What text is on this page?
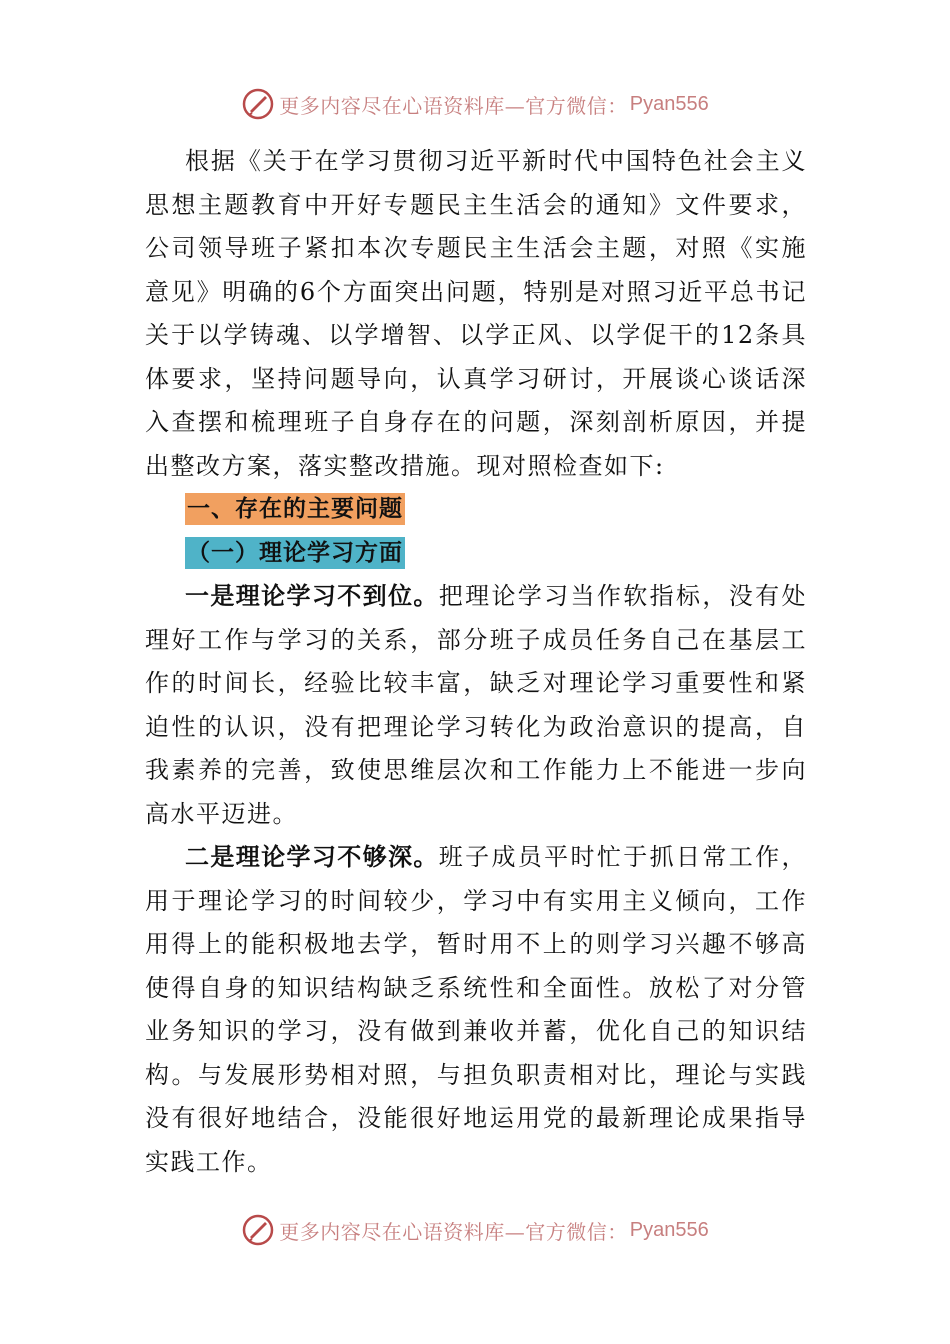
更多内容尽在心语资料库—官方微信： Pyan556

根据《关于在学习贯彻习近平新时代中国特色社会主义思想主题教育中开好专题民主生活会的通知》文件要求，公司领导班子紧扣本次专题民主生活会主题，对照《实施意见》明确的6个方面突出问题，特别是对照习近平总书记关于以学铸魂、以学增智、以学正风、以学促干的12条具体要求，坚持问题导向，认真学习研讨，开展谈心谈话深入查摆和梳理班子自身存在的问题，深刻剖析原因，并提出整改方案，落实整改措施。现对照检查如下:

一、存在的主要问题

（一）理论学习方面

一是理论学习不到位。把理论学习当作软指标，没有处理好工作与学习的关系，部分班子成员任务自己在基层工作的时间长，经验比较丰富，缺乏对理论学习重要性和紧迫性的认识，没有把理论学习转化为政治意识的提高，自我素养的完善，致使思维层次和工作能力上不能进一步向高水平迈进。

二是理论学习不够深。班子成员平时忙于抓日常工作，用于理论学习的时间较少，学习中有实用主义倾向，工作用得上的能积极地去学，暂时用不上的则学习兴趣不够高使得自身的知识结构缺乏系统性和全面性。放松了对分管业务知识的学习，没有做到兼收并蓄，优化自己的知识结构。与发展形势相对照，与担负职责相对比，理论与实践没有很好地结合，没能很好地运用党的最新理论成果指导实践工作。

更多内容尽在心语资料库—官方微信： Pyan556
